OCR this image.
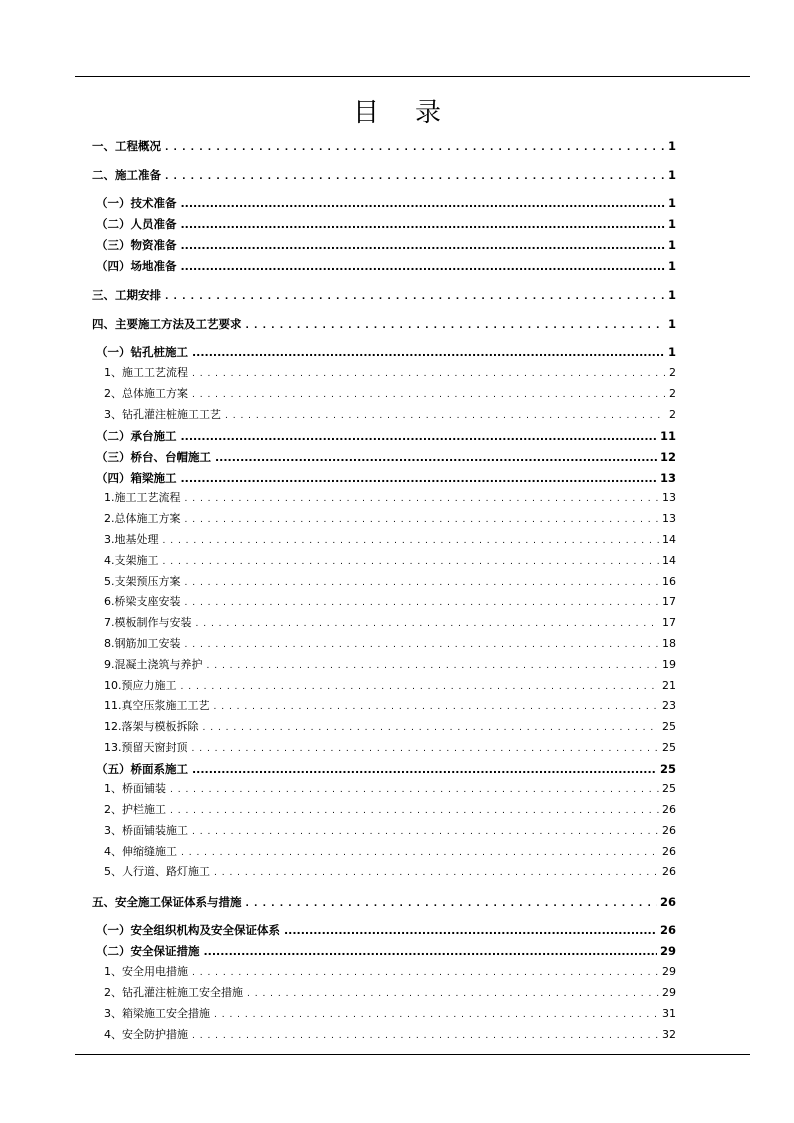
目 录
一、工程概况 . . .	1
二、施工准备 . . .	1
（一）技术准备 .....	1
（二）人员准备 .....	1
（三）物资准备 .....	1
（四）场地准备 .....	1
三、工期安排 . . .	1
四、主要施工方法及工艺要求 . . .	1
（一）钻孔桩施工 .....	1
1、施工工艺流程 . . .	2
2、总体施工方案 . . .	2
3、钻孔灌注桩施工工艺 . . .	2
（二）承台施工 .....	11
（三）桥台、台帽施工 .....	12
（四）箱梁施工 .....	13
1.施工工艺流程 . . .	13
2.总体施工方案 . . .	13
3.地基处理 . . .	14
4.支架施工 . . .	14
5.支架预压方案 . . .	16
6.桥梁支座安装 . . .	17
7.模板制作与安装 . . .	17
8.钢筋加工安装 . . .	18
9.混凝土浇筑与养护 . . .	19
10.预应力施工 . . .	21
11.真空压浆施工工艺 . . .	23
12.落架与模板拆除 . . .	25
13.预留天窗封顶 . . .	25
（五）桥面系施工 .....	25
1、桥面铺装 . . .	25
2、护栏施工 . . .	26
3、桥面铺装施工 . . .	26
4、伸缩缝施工 . . .	26
5、人行道、路灯施工 . . .	26
五、安全施工保证体系与措施 . . .	26
（一）安全组织机构及安全保证体系 .....	26
（二）安全保证措施 .....	29
1、安全用电措施 . . .	29
2、钻孔灌注桩施工安全措施 . . .	29
3、箱梁施工安全措施 . . .	31
4、安全防护措施 . . .	32
